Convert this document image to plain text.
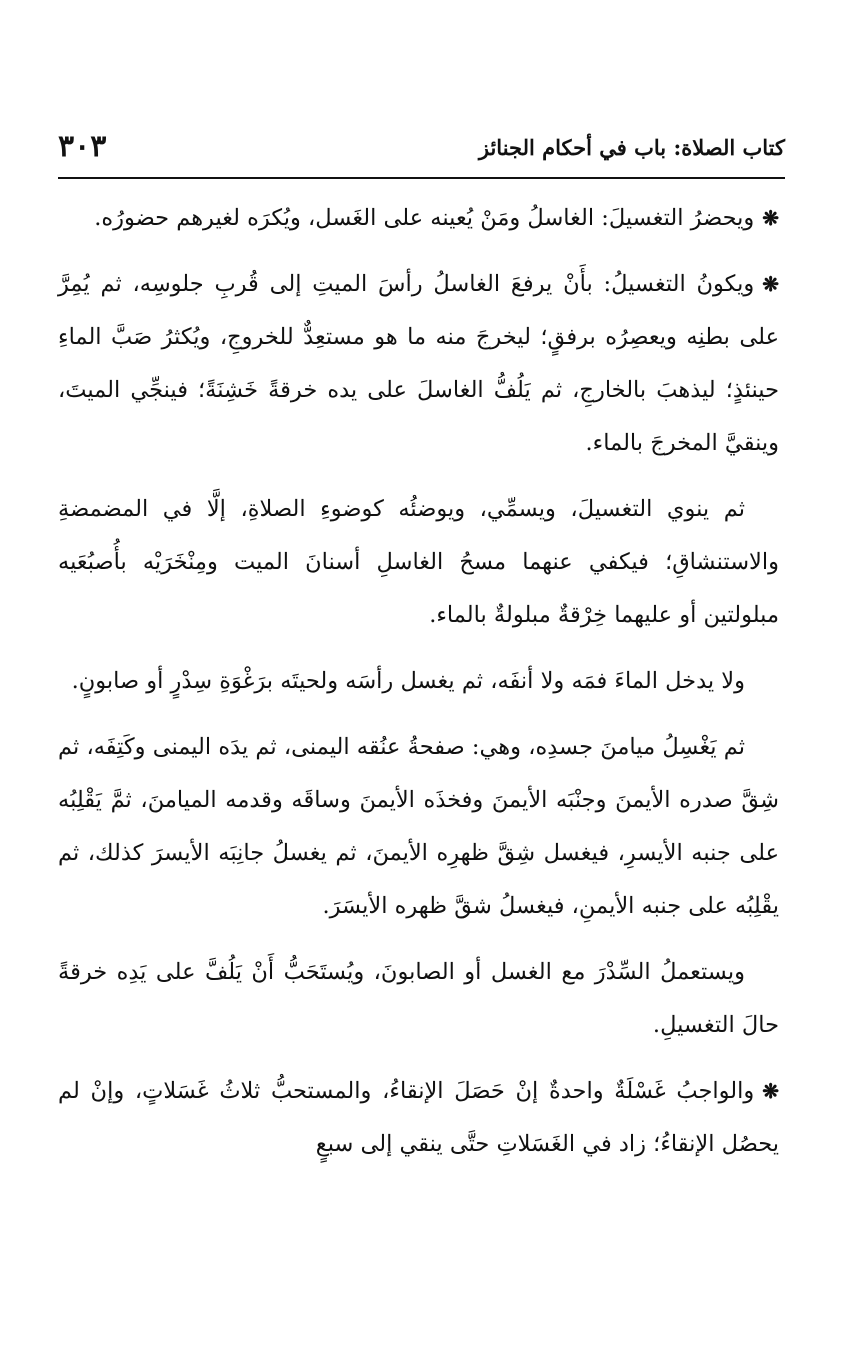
كتاب الصلاة: باب في أحكام الجنائز
٣٠٣

❋ويحضرُ التغسيلَ: الغاسلُ ومَنْ يُعينه على الغَسل، ويُكرَه لغيرهم حضورُه.

❋ويكونُ التغسيلُ: بأَنْ يرفعَ الغاسلُ رأسَ الميتِ إلى قُربِ جلوسِه، ثم يُمِرَّ على بطنِه ويعصِرُه برفقٍ؛ ليخرجَ منه ما هو مستعِدٌّ للخروجِ، ويُكثرُ صَبَّ الماءِ حينئذٍ؛ ليذهبَ بالخارجِ، ثم يَلُفُّ الغاسلَ على يده خرقةً خَشِنَةً؛ فينجِّي الميتَ، وينقيَّ المخرجَ بالماء.

ثم ينوي التغسيلَ، ويسمِّي، ويوضئُه كوضوءِ الصلاةِ، إلَّا في المضمضةِ والاستنشاقِ؛ فيكفي عنهما مسحُ الغاسلِ أسنانَ الميت ومِنْخَرَيْه بأُصبُعَيه مبلولتين أو عليهما خِرْقةٌ مبلولةٌ بالماء.

ولا يدخل الماءَ فمَه ولا أنفَه، ثم يغسل رأسَه ولحيتَه برَغْوَةِ سِدْرٍ أو صابونٍ.

ثم يَغْسِلُ ميامنَ جسدِه، وهي: صفحةُ عنُقه اليمنى، ثم يدَه اليمنى وكَتِفَه، ثم شِقَّ صدره الأيمنَ وجنْبَه الأيمنَ وفخذَه الأيمنَ وساقَه وقدمه الميامنَ، ثمَّ يَقْلِبُه على جنبه الأيسرِ، فيغسل شِقَّ ظهرِه الأيمنَ، ثم يغسلُ جانِبَه الأيسرَ كذلك، ثم يقْلِبُه على جنبه الأيمنِ، فيغسلُ شقَّ ظهره الأيسَرَ.

ويستعملُ السِّدْرَ مع الغسل أو الصابونَ، ويُستَحَبُّ أَنْ يَلُفَّ على يَدِه خرقةً حالَ التغسيلِ.

❋والواجبُ غَسْلَةٌ واحدةٌ إنْ حَصَلَ الإنقاءُ، والمستحبُّ ثلاثُ غَسَلاتٍ، وإنْ لم يحصُل الإنقاءُ؛ زاد في الغَسَلاتِ حتَّى ينقي إلى سبعٍ
